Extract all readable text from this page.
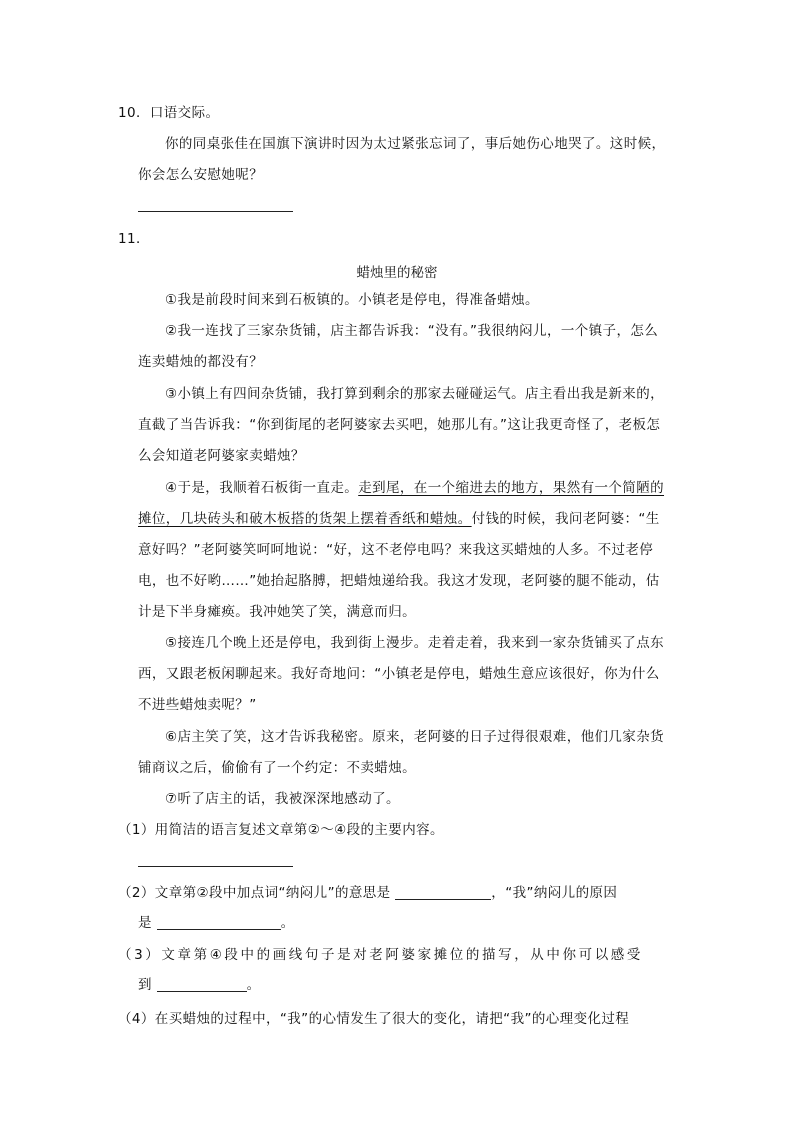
10．口语交际。
你的同桌张佳在国旗下演讲时因为太过紧张忘词了，事后她伤心地哭了。这时候，
你会怎么安慰她呢？
11．
蜡烛里的秘密
①我是前段时间来到石板镇的。小镇老是停电，得准备蜡烛。
②我一连找了三家杂货铺，店主都告诉我：“没有。”我很纳闷儿，一个镇子，怎么
连卖蜡烛的都没有？
③小镇上有四间杂货铺，我打算到剩余的那家去碰碰运气。店主看出我是新来的，
直截了当告诉我：“你到街尾的老阿婆家去买吧，她那儿有。”这让我更奇怪了，老板怎
么会知道老阿婆家卖蜡烛？
④于是，我顺着石板街一直走。走到尾，在一个缩进去的地方，果然有一个简陋的
摊位，几块砖头和破木板搭的货架上摆着香纸和蜡烛。付钱的时候，我问老阿婆：“生
意好吗？”老阿婆笑呵呵地说：“好，这不老停电吗？来我这买蜡烛的人多。不过老停
电，也不好哟……”她抬起胳膊，把蜡烛递给我。我这才发现，老阿婆的腿不能动，估
计是下半身瘫痪。我冲她笑了笑，满意而归。
⑤接连几个晚上还是停电，我到街上漫步。走着走着，我来到一家杂货铺买了点东
西，又跟老板闲聊起来。我好奇地问：“小镇老是停电，蜡烛生意应该很好，你为什么
不进些蜡烛卖呢？”
⑥店主笑了笑，这才告诉我秘密。原来，老阿婆的日子过得很艰难，他们几家杂货
铺商议之后，偷偷有了一个约定：不卖蜡烛。
⑦听了店主的话，我被深深地感动了。
（1）用简洁的语言复述文章第②～④段的主要内容。
（2）文章第②段中加点词“纳闷儿”的意思是	，“我”纳闷儿的原因
是	。
（3）文章第④段中的画线句子是对老阿婆家摊位的描写，从中你可以感受
到	。
（4）在买蜡烛的过程中，“我”的心情发生了很大的变化，请把“我”的心理变化过程
